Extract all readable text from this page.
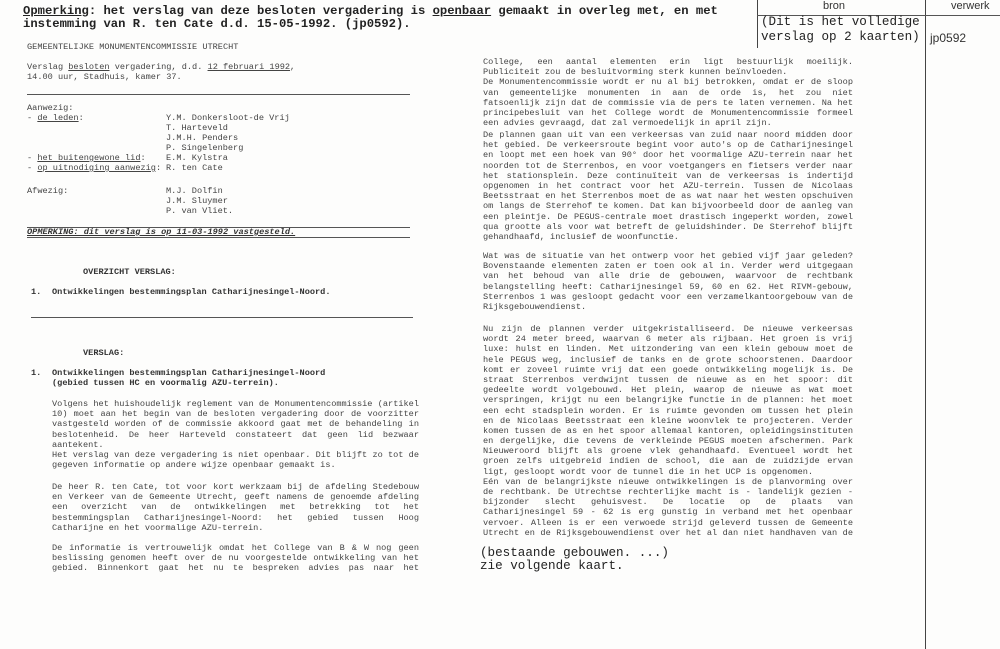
Opmerking: het verslag van deze besloten vergadering is openbaar gemaakt in overleg met, en met
instemming van R. ten Cate d.d. 15-05-1992. (jp0592).
bron	verwerk
(Dit is het volledige
verslag op 2 kaarten) jp0592
GEMEENTELIJKE MONUMENTENCOMMISSIE UTRECHT
Verslag besloten vergadering, d.d. 12 februari 1992,
14.00 uur, Stadhuis, kamer 37.
Aanwezig:
- de leden:	Y.M. Donkersloot-de Vrij
T. Harteveld
J.M.H. Penders
P. Singelenberg
- het buitengewone lid: E.M. Kylstra
- op uitnodiging aanwezig: R. ten Cate
Afwezig:	M.J. Dolfin
J.M. Sluymer
P. van Vliet.
OPMERKING: dit verslag is op 11-03-1992 vastgesteld.
OVERZICHT VERSLAG:
1. Ontwikkelingen bestemmingsplan Catharijnesingel-Noord.
VERSLAG:
1. Ontwikkelingen bestemmingsplan Catharijnesingel-Noord
(gebied tussen HC en voormalig AZU-terrein).
Volgens het huishoudelijk reglement van de Monumentencommissie (artikel
10) moet aan het begin van de besloten vergadering door de voorzitter
vastgesteld worden of de commissie akkoord gaat met de behandeling in
beslotenheid. De heer Harteveld constateert dat geen lid bezwaar
aantekent.
Het verslag van deze vergadering is niet openbaar. Dit blijft zo tot de
gegeven informatie op andere wijze openbaar gemaakt is.
De heer R. ten Cate, tot voor kort werkzaam bij de afdeling Stedebouw
en Verkeer van de Gemeente Utrecht, geeft namens de genoemde afdeling
een overzicht van de ontwikkelingen met betrekking tot het
bestemmingsplan Catharijnesingel-Noord: het gebied tussen Hoog
Catharijne en het voormalige AZU-terrein.
De informatie is vertrouwelijk omdat het College van B & W nog geen
beslissing genomen heeft over de nu voorgestelde ontwikkeling van het
gebied. Binnenkort gaat het nu te bespreken advies pas naar het
College, een aantal elementen erin ligt bestuurlijk moeilijk.
Publiciteit zou de besluitvorming sterk kunnen beïnvloeden.
De Monumentencommissie wordt er nu al bij betrokken, omdat er de sloop
van gemeentelijke monumenten in aan de orde is, het zou niet
fatsoenlijk zijn dat de commissie via de pers te laten vernemen. Na het
principebesluit van het College wordt de Monumentencommissie formeel
een advies gevraagd, dat zal vermoedelijk in april zijn.
De plannen gaan uit van een verkeersas van zuid naar noord midden door
het gebied. De verkeersroute begint voor auto's op de Catharijnesingel
en loopt met een hoek van 90° door het voormalige AZU-terrein naar het
noorden tot de Sterrenbos, en voor voetgangers en fietsers verder naar
het stationsplein. Deze continuïteit van de verkeersas is indertijd
opgenomen in het contract voor het AZU-terrein. Tussen de Nicolaas
Beetsstraat en het Sterrenbos moet de as wat naar het westen opschuiven
om langs de Sterrehof te komen. Dat kan bijvoorbeeld door de aanleg van
een pleintje. De PEGUS-centrale moet drastisch ingeperkt worden, zowel
qua grootte als voor wat betreft de geluidshinder. De Sterrehof blijft
gehandhaafd, inclusief de woonfunctie.
Wat was de situatie van het ontwerp voor het gebied vijf jaar geleden?
Bovenstaande elementen zaten er toen ook al in. Verder werd uitgegaan
van het behoud van alle drie de gebouwen, waarvoor de rechtbank
belangstelling heeft: Catharijnesingel 59, 60 en 62. Het RIVM-gebouw,
Sterrenbos 1 was gesloopt gedacht voor een verzamelkantoorgebouw van de
Rijksgebouwendienst.
Nu zijn de plannen verder uitgekristalliseerd. De nieuwe verkeersas
wordt 24 meter breed, waarvan 6 meter als rijbaan. Het groen is vrij
luxe: hulst en linden. Met uitzondering van een klein gebouw moet de
hele PEGUS weg, inclusief de tanks en de grote schoorstenen. Daardoor
komt er zoveel ruimte vrij dat een goede ontwikkeling mogelijk is. De
straat Sterrenbos verdwijnt tussen de nieuwe as en het spoor: dit
gedeelte wordt volgebouwd. Het plein, waarop de nieuwe as wat moet
verspringen, krijgt nu een belangrijke functie in de plannen: het moet
een echt stadsplein worden. Er is ruimte gevonden om tussen het plein
en de Nicolaas Beetsstraat een kleine woonvlek te projecteren. Verder
komen tussen de as en het spoor allemaal kantoren, opleidingsinstituten
en dergelijke, die tevens de verkleinde PEGUS moeten afschermen. Park
Nieuweroord blijft als groene vlek gehandhaafd. Eventueel wordt het
groen zelfs uitgebreid indien de school, die aan de zuidzijde ervan
ligt, gesloopt wordt voor de tunnel die in het UCP is opgenomen.
Eén van de belangrijkste nieuwe ontwikkelingen is de planvorming over
de rechtbank. De Utrechtse rechterlijke macht is - landelijk gezien -
bijzonder slecht gehuisvest. De locatie op de plaats van
Catharijnesingel 59 - 62 is erg gunstig in verband met het openbaar
vervoer. Alleen is er een verwoede strijd geleverd tussen de Gemeente
Utrecht en de Rijksgebouwendienst over het al dan niet handhaven van de
(bestaande gebouwen. ...)
zie volgende kaart.
